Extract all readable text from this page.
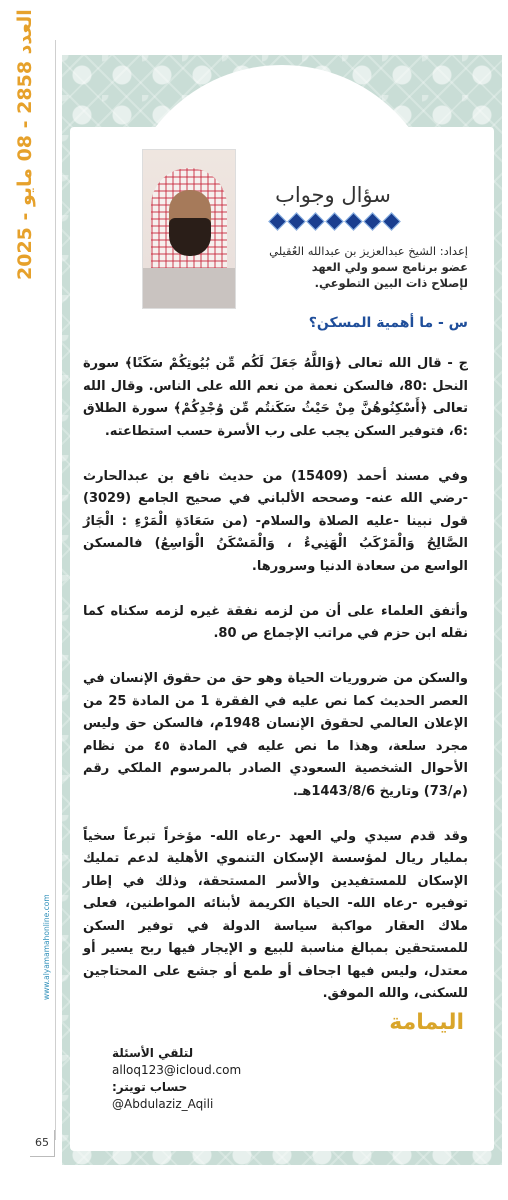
العدد 2858 - 08 مايو - 2025
www.alyamamahonline.com
65
سؤال وجواب
إعداد: الشيخ عبدالعزيز بن عبدالله العُقيلي
عضو برنامج سمو ولي العهد
لإصلاح ذات البين التطوعي.
س - ما أهمية المسكن؟

ج - قال الله تعالى ﴿وَاللَّهُ جَعَلَ لَكُم مِّن بُيُوتِكُمْ سَكَنًا﴾ سورة النحل :80، فالسكن نعمة من نعم الله على الناس. وقال الله تعالى ﴿أَسْكِنُوهُنَّ مِنْ حَيْثُ سَكَنتُم مِّن وُجْدِكُمْ﴾ سورة الطلاق :6، فتوفير السكن يجب على رب الأسرة حسب استطاعته.

وفي مسند أحمد (15409) من حديث نافع بن عبدالحارث -رضي الله عنه- وصححه الألباني في صحيح الجامع (3029) قول نبينا -عليه الصلاة والسلام- (من سَعَادَةِ الْمَرْءِ : الْجَارُ الصَّالِحُ وَالْمَرْكَبُ الْهَنِيءُ ، وَالْمَسْكَنُ الْوَاسِعُ) فالمسكن الواسع من سعادة الدنيا وسرورها.

وأتفق العلماء على أن من لزمه نفقة غيره لزمه سكناه كما نقله ابن حزم في مراتب الإجماع ص 80.

والسكن من ضروريات الحياة وهو حق من حقوق الإنسان في العصر الحديث كما نص عليه في الفقرة 1 من المادة 25 من الإعلان العالمي لحقوق الإنسان 1948م، فالسكن حق وليس مجرد سلعة، وهذا ما نص عليه في المادة ٤٥ من نظام الأحوال الشخصية السعودي الصادر بالمرسوم الملكي رقم (م/73) وتاريخ 1443/8/6هـ.

وقد قدم سيدي ولي العهد -رعاه الله- مؤخراً تبرعاً سخياً بمليار ريال لمؤسسة الإسكان التنموي الأهلية لدعم تمليك الإسكان للمستفيدين والأسر المستحقة، وذلك في إطار توفيره -رعاه الله- الحياة الكريمة لأبنائه المواطنين، فعلى ملاك العقار مواكبة سياسة الدولة في توفير السكن للمستحقين بمبالغ مناسبة للبيع و الإيجار فيها ربح يسير أو معتدل، وليس فيها اجحاف أو طمع أو جشع على المحتاجين للسكنى، والله الموفق.

اليمامة
لتلقي الأسئلة
alloq123@icloud.com
حساب تويتر:
@Abdulaziz_Aqili
